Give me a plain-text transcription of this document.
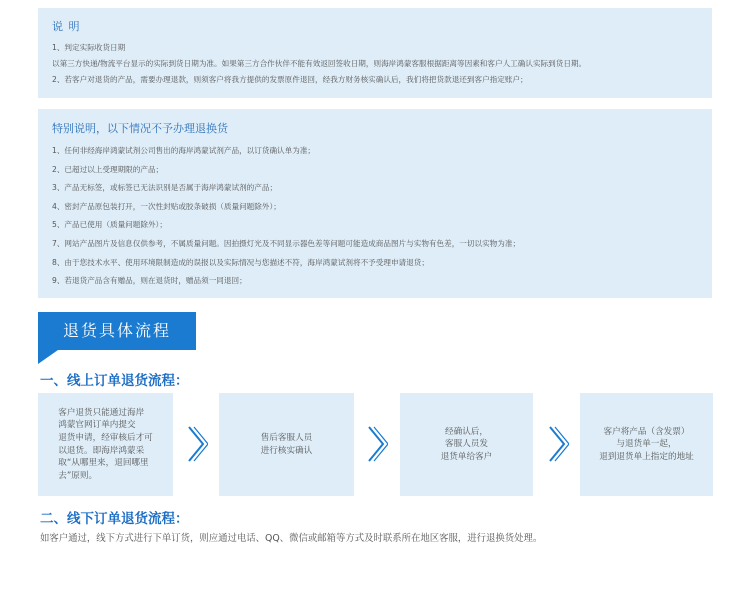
说 明
1、判定实际收货日期
以第三方快递/物流平台显示的实际到货日期为准。如果第三方合作伙伴不能有效返回签收日期，则海岸鸿蒙客服根据距离等因素和客户人工确认实际到货日期。
2、若客户对退货的产品，需要办理退款，则须客户将我方提供的发票原件退回，经我方财务核实确认后，我们将把货款退还到客户指定账户；
特别说明，以下情况不予办理退换货
1、任何非经海岸鸿蒙试剂公司售出的海岸鸿蒙试剂产品，以订货确认单为准；
2、已超过以上受理期限的产品；
3、产品无标签，或标签已无法识别是否属于海岸鸿蒙试剂的产品；
4、密封产品原包装打开，一次性封贴或胶条破损（质量问题除外）；
5、产品已使用（质量问题除外）；
7、网站产品图片及信息仅供参考，不属质量问题。因拍摄灯光及不同显示器色差等问题可能造成商品图片与实物有色差，一切以实物为准；
8、由于您技术水平、使用环境限制造成的误报以及实际情况与您描述不符，海岸鸿蒙试剂将不予受理申请退货；
9、若退货产品含有赠品，则在退货时，赠品须一同退回；
退货具体流程
一、线上订单退货流程：
客户退货只能通过海岸
鸿蒙官网订单内提交
退货申请，经审核后才可
以退货。即海岸鸿蒙采
取“从哪里来，退回哪里
去”原则。
售后客服人员
进行核实确认
经确认后，
客服人员发
退货单给客户
客户将产品（含发票）
与退货单一起，
退到退货单上指定的地址
二、线下订单退货流程：
如客户通过，线下方式进行下单订货，则应通过电话、QQ、微信或邮箱等方式及时联系所在地区客服，进行退换货处理。
